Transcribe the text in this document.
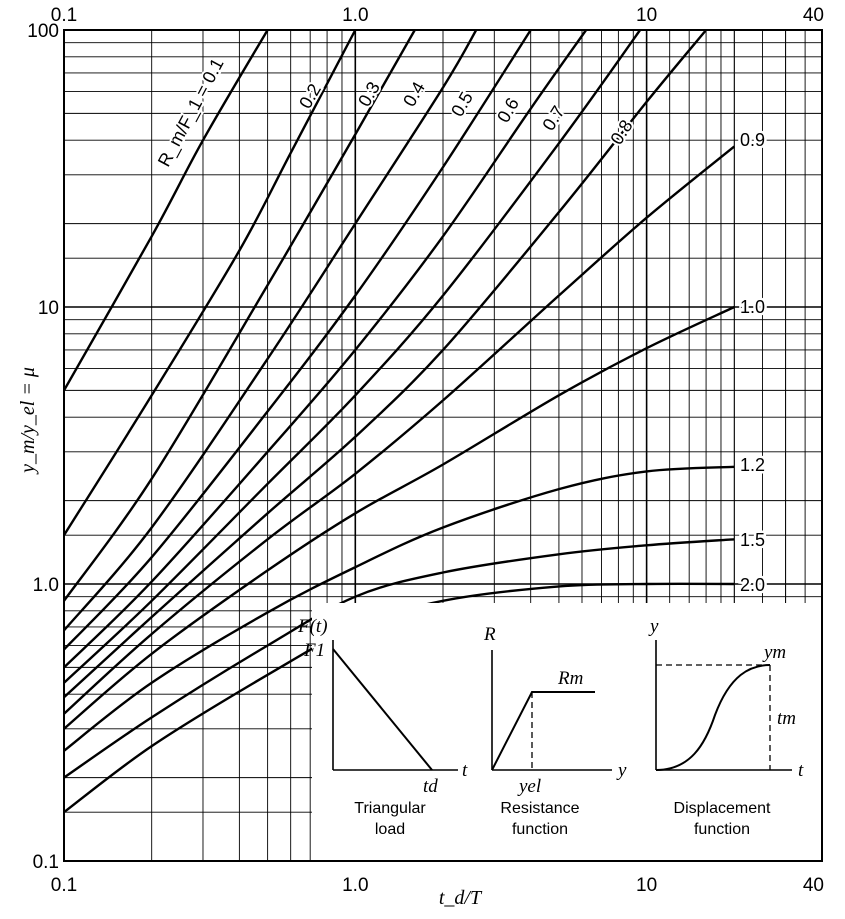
F(t)
F1
t
td
Triangular
load
R
Rm
y
yel
Resistance
function
y
ym
t
tm
Displacement
function
0.1
0.1
1.0
1.0
10
10
40
40
0.1
1.0
10
100
R_m/F_1 = 0.1	0.2 0.3 0.4 0.5 0.6 0.7 0.8	0.9
1.0
1.2
1.5
2.0
t_d/T
y_m/y_el = μ
